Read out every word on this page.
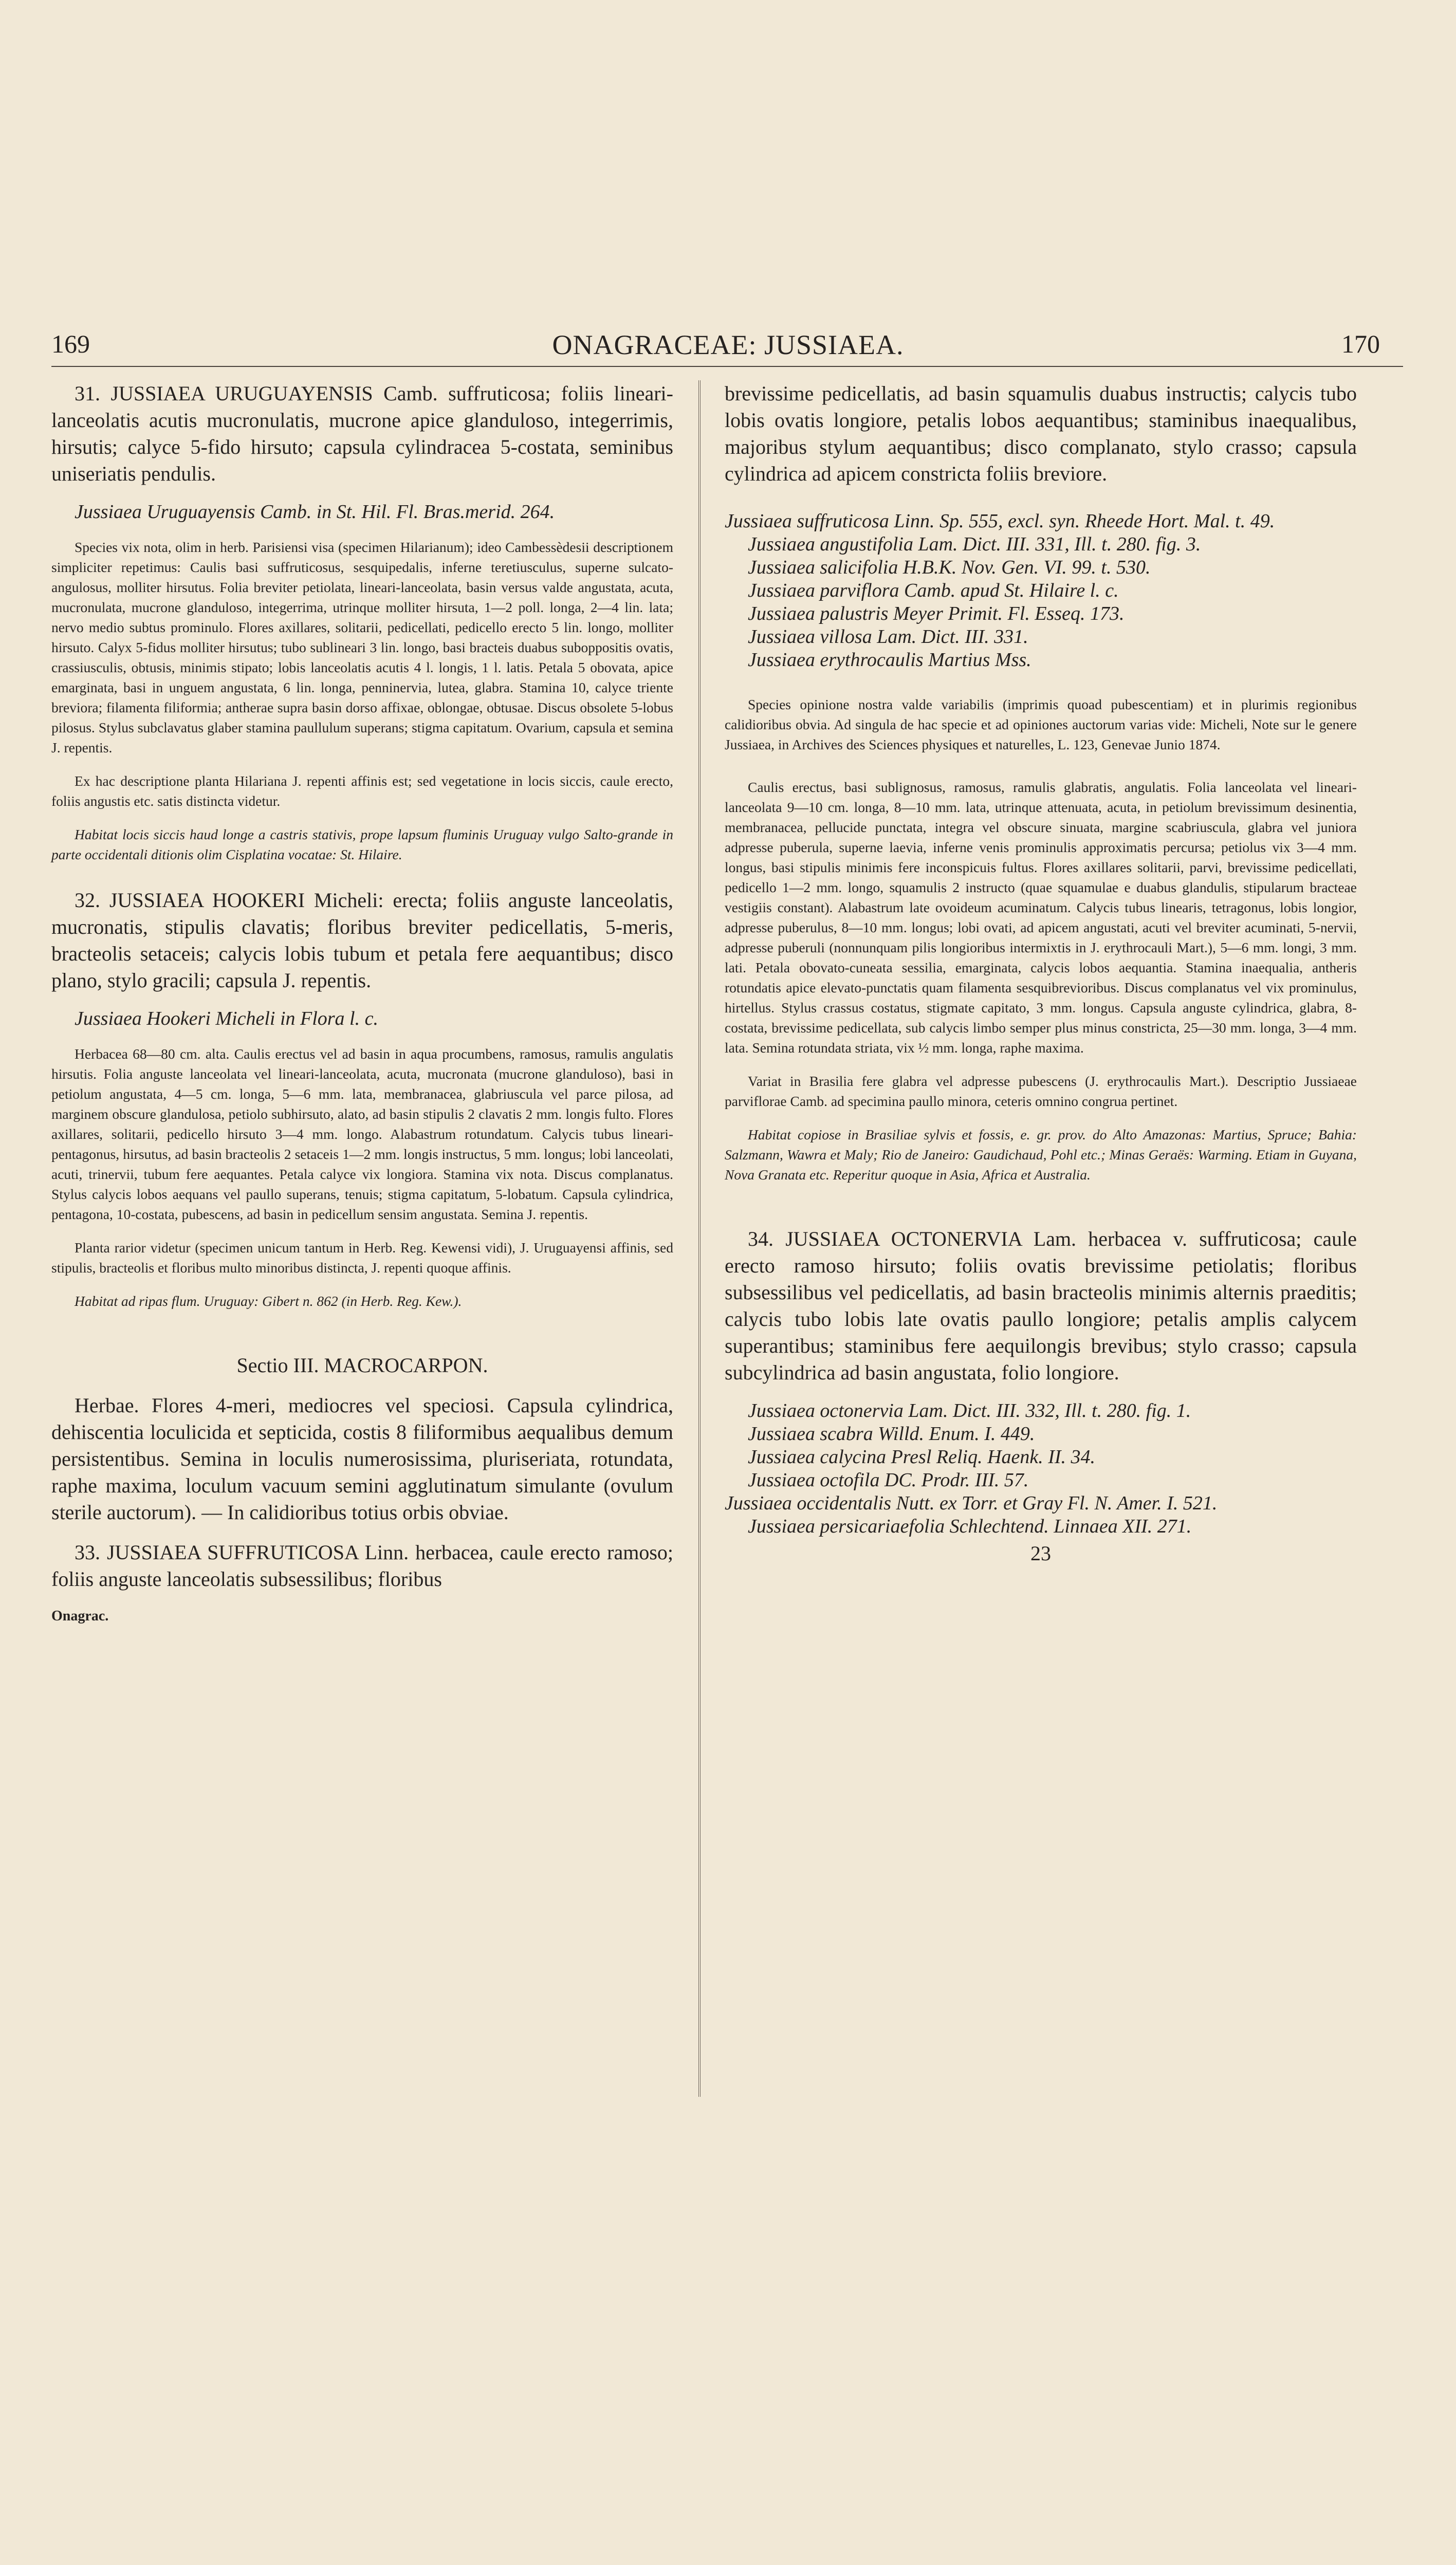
169	ONAGRACEAE: JUSSIAEA.	170

31. JUSSIAEA URUGUAYENSIS Camb. suffruticosa; foliis lineari-lanceolatis acutis mucronulatis, mucrone apice glanduloso, integerrimis, hirsutis; calyce 5-fido hirsuto; capsula cylindracea 5-costata, seminibus uniseriatis pendulis.

Jussiaea Uruguayensis Camb. in St. Hil. Fl. Bras.merid. 264.

Species vix nota, olim in herb. Parisiensi visa (specimen Hilarianum); ideo Cambessèdesii descriptionem simpliciter repetimus: Caulis basi suffruticosus, sesquipedalis, inferne teretiusculus, superne sulcato-angulosus, molliter hirsutus. Folia breviter petiolata, lineari-lanceolata, basin versus valde angustata, acuta, mucronulata, mucrone glanduloso, integerrima, utrinque molliter hirsuta, 1—2 poll. longa, 2—4 lin. lata; nervo medio subtus prominulo. Flores axillares, solitarii, pedicellati, pedicello erecto 5 lin. longo, molliter hirsuto. Calyx 5-fidus molliter hirsutus; tubo sublineari 3 lin. longo, basi bracteis duabus suboppositis ovatis, crassiusculis, obtusis, minimis stipato; lobis lanceolatis acutis 4 l. longis, 1 l. latis. Petala 5 obovata, apice emarginata, basi in unguem angustata, 6 lin. longa, penninervia, lutea, glabra. Stamina 10, calyce triente breviora; filamenta filiformia; antherae supra basin dorso affixae, oblongae, obtusae. Discus obsolete 5-lobus pilosus. Stylus subclavatus glaber stamina paullulum superans; stigma capitatum. Ovarium, capsula et semina J. repentis.

Ex hac descriptione planta Hilariana J. repenti affinis est; sed vegetatione in locis siccis, caule erecto, foliis angustis etc. satis distincta videtur.

Habitat locis siccis haud longe a castris stativis, prope lapsum fluminis Uruguay vulgo Salto-grande in parte occidentali ditionis olim Cisplatina vocatae: St. Hilaire.

32. JUSSIAEA HOOKERI Micheli: erecta; foliis anguste lanceolatis, mucronatis, stipulis clavatis; floribus breviter pedicellatis, 5-meris, bracteolis setaceis; calycis lobis tubum et petala fere aequantibus; disco plano, stylo gracili; capsula J. repentis.

Jussiaea Hookeri Micheli in Flora l. c.

Herbacea 68—80 cm. alta. Caulis erectus vel ad basin in aqua procumbens, ramosus, ramulis angulatis hirsutis. Folia anguste lanceolata vel lineari-lanceolata, acuta, mucronata (mucrone glanduloso), basi in petiolum angustata, 4—5 cm. longa, 5—6 mm. lata, membranacea, glabriuscula vel parce pilosa, ad marginem obscure glandulosa, petiolo subhirsuto, alato, ad basin stipulis 2 clavatis 2 mm. longis fulto. Flores axillares, solitarii, pedicello hirsuto 3—4 mm. longo. Alabastrum rotundatum. Calycis tubus lineari-pentagonus, hirsutus, ad basin bracteolis 2 setaceis 1—2 mm. longis instructus, 5 mm. longus; lobi lanceolati, acuti, trinervii, tubum fere aequantes. Petala calyce vix longiora. Stamina vix nota. Discus complanatus. Stylus calycis lobos aequans vel paullo superans, tenuis; stigma capitatum, 5-lobatum. Capsula cylindrica, pentagona, 10-costata, pubescens, ad basin in pedicellum sensim angustata. Semina J. repentis.

Planta rarior videtur (specimen unicum tantum in Herb. Reg. Kewensi vidi), J. Uruguayensi affinis, sed stipulis, bracteolis et floribus multo minoribus distincta, J. repenti quoque affinis.

Habitat ad ripas flum. Uruguay: Gibert n. 862 (in Herb. Reg. Kew.).

Sectio III. MACROCARPON.

Herbae. Flores 4-meri, mediocres vel speciosi. Capsula cylindrica, dehiscentia loculicida et septicida, costis 8 filiformibus aequalibus demum persistentibus. Semina in loculis numerosissima, pluriseriata, rotundata, raphe maxima, loculum vacuum semini agglutinatum simulante (ovulum sterile auctorum). — In calidioribus totius orbis obviae.

33. JUSSIAEA SUFFRUTICOSA Linn. herbacea, caule erecto ramoso; foliis anguste lanceolatis subsessilibus; floribus

Onagrac.

brevissime pedicellatis, ad basin squamulis duabus instructis; calycis tubo lobis ovatis longiore, petalis lobos aequantibus; staminibus inaequalibus, majoribus stylum aequantibus; disco complanato, stylo crasso; capsula cylindrica ad apicem constricta foliis breviore.

Jussiaea suffruticosa Linn. Sp. 555, excl. syn. Rheede Hort. Mal. t. 49.

Jussiaea angustifolia Lam. Dict. III. 331, Ill. t. 280. fig. 3.

Jussiaea salicifolia H.B.K. Nov. Gen. VI. 99. t. 530.

Jussiaea parviflora Camb. apud St. Hilaire l. c.

Jussiaea palustris Meyer Primit. Fl. Esseq. 173.

Jussiaea villosa Lam. Dict. III. 331.

Jussiaea erythrocaulis Martius Mss.

Species opinione nostra valde variabilis (imprimis quoad pubescentiam) et in plurimis regionibus calidioribus obvia. Ad singula de hac specie et ad opiniones auctorum varias vide: Micheli, Note sur le genere Jussiaea, in Archives des Sciences physiques et naturelles, L. 123, Genevae Junio 1874.

Caulis erectus, basi sublignosus, ramosus, ramulis glabratis, angulatis. Folia lanceolata vel lineari-lanceolata 9—10 cm. longa, 8—10 mm. lata, utrinque attenuata, acuta, in petiolum brevissimum desinentia, membranacea, pellucide punctata, integra vel obscure sinuata, margine scabriuscula, glabra vel juniora adpresse puberula, superne laevia, inferne venis prominulis approximatis percursa; petiolus vix 3—4 mm. longus, basi stipulis minimis fere inconspicuis fultus. Flores axillares solitarii, parvi, brevissime pedicellati, pedicello 1—2 mm. longo, squamulis 2 instructo (quae squamulae e duabus glandulis, stipularum bracteae vestigiis constant). Alabastrum late ovoideum acuminatum. Calycis tubus linearis, tetragonus, lobis longior, adpresse puberulus, 8—10 mm. longus; lobi ovati, ad apicem angustati, acuti vel breviter acuminati, 5-nervii, adpresse puberuli (nonnunquam pilis longioribus intermixtis in J. erythrocauli Mart.), 5—6 mm. longi, 3 mm. lati. Petala obovato-cuneata sessilia, emarginata, calycis lobos aequantia. Stamina inaequalia, antheris rotundatis apice elevato-punctatis quam filamenta sesquibrevioribus. Discus complanatus vel vix prominulus, hirtellus. Stylus crassus costatus, stigmate capitato, 3 mm. longus. Capsula anguste cylindrica, glabra, 8-costata, brevissime pedicellata, sub calycis limbo semper plus minus constricta, 25—30 mm. longa, 3—4 mm. lata. Semina rotundata striata, vix ½ mm. longa, raphe maxima.

Variat in Brasilia fere glabra vel adpresse pubescens (J. erythrocaulis Mart.). Descriptio Jussiaeae parviflorae Camb. ad specimina paullo minora, ceteris omnino congrua pertinet.

Habitat copiose in Brasiliae sylvis et fossis, e. gr. prov. do Alto Amazonas: Martius, Spruce; Bahia: Salzmann, Wawra et Maly; Rio de Janeiro: Gaudichaud, Pohl etc.; Minas Geraës: Warming. Etiam in Guyana, Nova Granata etc. Reperitur quoque in Asia, Africa et Australia.

34. JUSSIAEA OCTONERVIA Lam. herbacea v. suffruticosa; caule erecto ramoso hirsuto; foliis ovatis brevissime petiolatis; floribus subsessilibus vel pedicellatis, ad basin bracteolis minimis alternis praeditis; calycis tubo lobis late ovatis paullo longiore; petalis amplis calycem superantibus; staminibus fere aequilongis brevibus; stylo crasso; capsula subcylindrica ad basin angustata, folio longiore.

Jussiaea octonervia Lam. Dict. III. 332, Ill. t. 280. fig. 1.

Jussiaea scabra Willd. Enum. I. 449.

Jussiaea calycina Presl Reliq. Haenk. II. 34.

Jussiaea octofila DC. Prodr. III. 57.

Jussiaea occidentalis Nutt. ex Torr. et Gray Fl. N. Amer. I. 521.

Jussiaea persicariaefolia Schlechtend. Linnaea XII. 271.

23
